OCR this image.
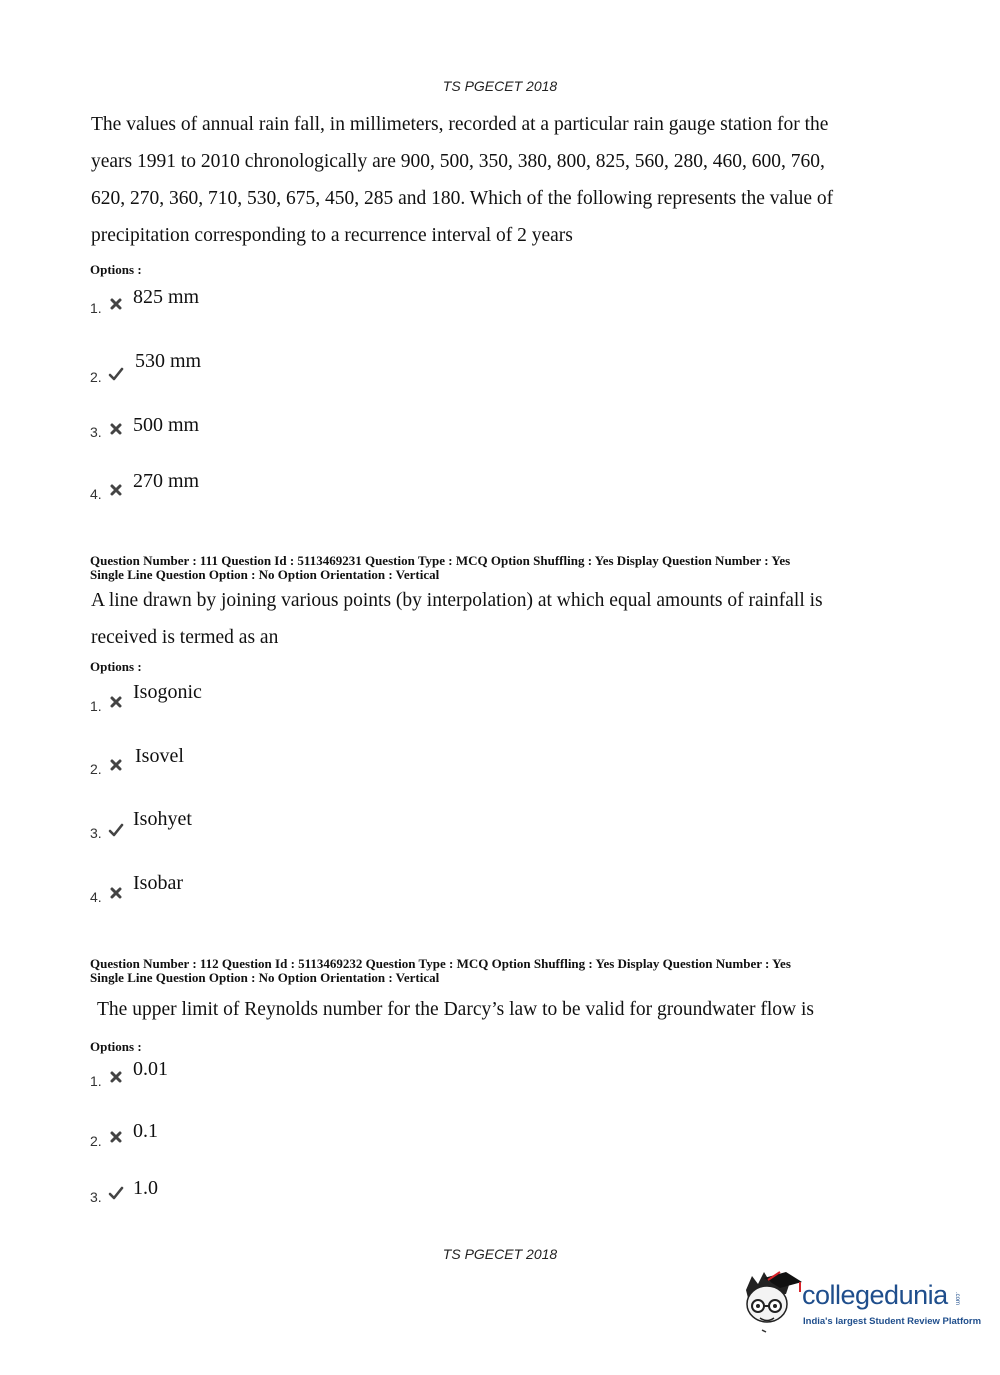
TS PGECET 2018
The values of annual rain fall, in millimeters, recorded at a particular rain gauge station for the
years 1991 to 2010 chronologically are 900, 500, 350, 380, 800, 825, 560, 280, 460, 600, 760,
620, 270, 360, 710, 530, 675, 450, 285 and 180. Which of the following represents the value of
precipitation corresponding to a recurrence interval of 2 years
Options :
1. 825 mm
2.
530 mm
3. 500 mm
4.
270 mm
Question Number : 111 Question Id : 5113469231 Question Type : MCQ Option Shuffling : Yes Display Question Number : Yes
Single Line Question Option : No Option Orientation : Vertical
A line drawn by joining various points (by interpolation) at which equal amounts of rainfall is
received is termed as an
Options :
1.
Isogonic
2.
Isovel
3.
Isohyet
4.
Isobar
Question Number : 112 Question Id : 5113469232 Question Type : MCQ Option Shuffling : Yes Display Question Number : Yes
Single Line Question Option : No Option Orientation : Vertical
The upper limit of Reynolds number for the Darcy’s law to be valid for groundwater flow is
Options :
1.
0.01
2. 0.1
3. 1.0
TS PGECET 2018
collegedunia .com
India's largest Student Review Platform
